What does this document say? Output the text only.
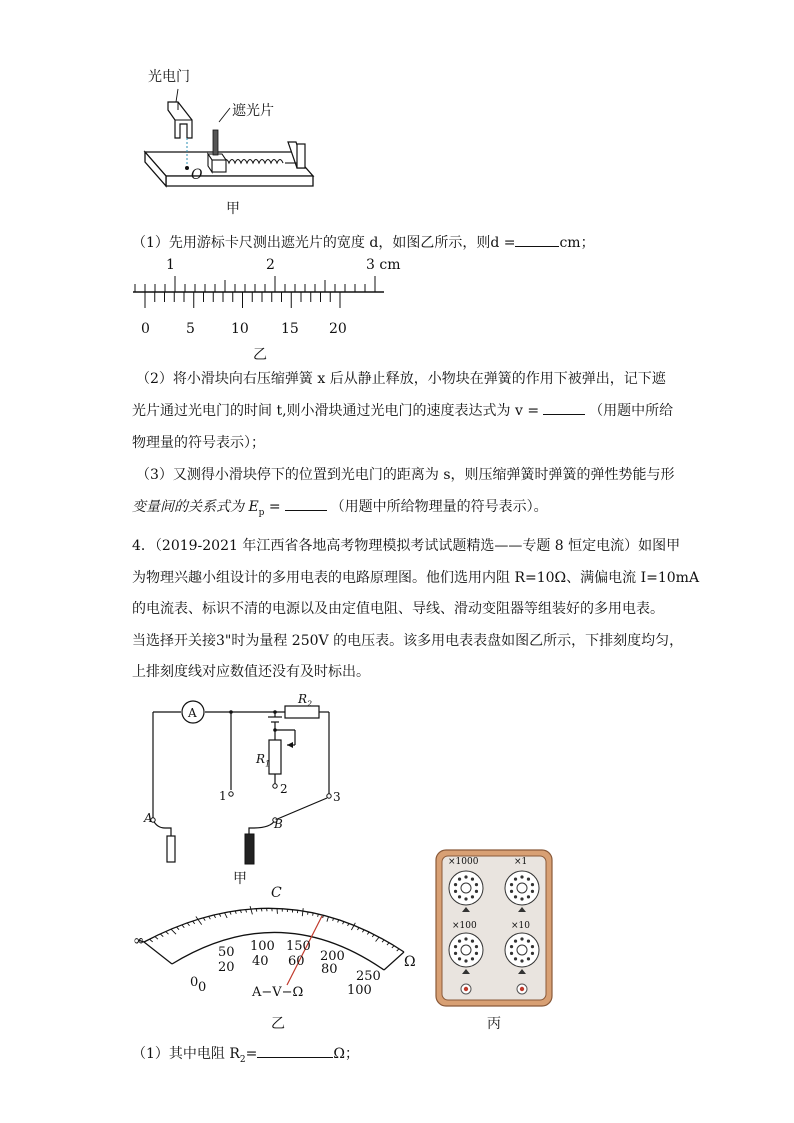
光电门
遮光片
O
甲
（1）先用游标卡尺测出遮光片的宽度 d，如图乙所示，则d =	cm；
1	2	3 cm
0	5	10 15 20
乙
（2）将小滑块向右压缩弹簧 x 后从静止释放，小物块在弹簧的作用下被弹出，记下遮
光片通过光电门的时间 t,则小滑块通过光电门的速度表达式为 v =	（用题中所给
物理量的符号表示）；
（3）又测得小滑块停下的位置到光电门的距离为 s，则压缩弹簧时弹簧的弹性势能与形
变量间的关系式为 $E_p$ =	（用题中所给物理量的符号表示）。
4．（2019-2021 年江西省各地高考物理模拟考试试题精选——专题 8 恒定电流）如图甲
为物理兴趣小组设计的多用电表的电路原理图。他们选用内阻 R=10Ω、满偏电流 I=10mA
的电流表、标识不清的电源以及由定值电阻、导线、滑动变阻器等组装好的多用电表。
当选择开关接3"时为量程 250V 的电压表。该多用电表表盘如图乙所示，下排刻度均匀，
上排刻度线对应数值还没有及时标出。
A
$R_2$
$R_1$
1	2
3
A	B
甲
∞
Ω
C
100 150
50	200
250
20 40 60
80
100
0 0	A−V−Ω
乙
×1000	×1
×100	×10
丙
（1）其中电阻 $R_2=$	Ω；
